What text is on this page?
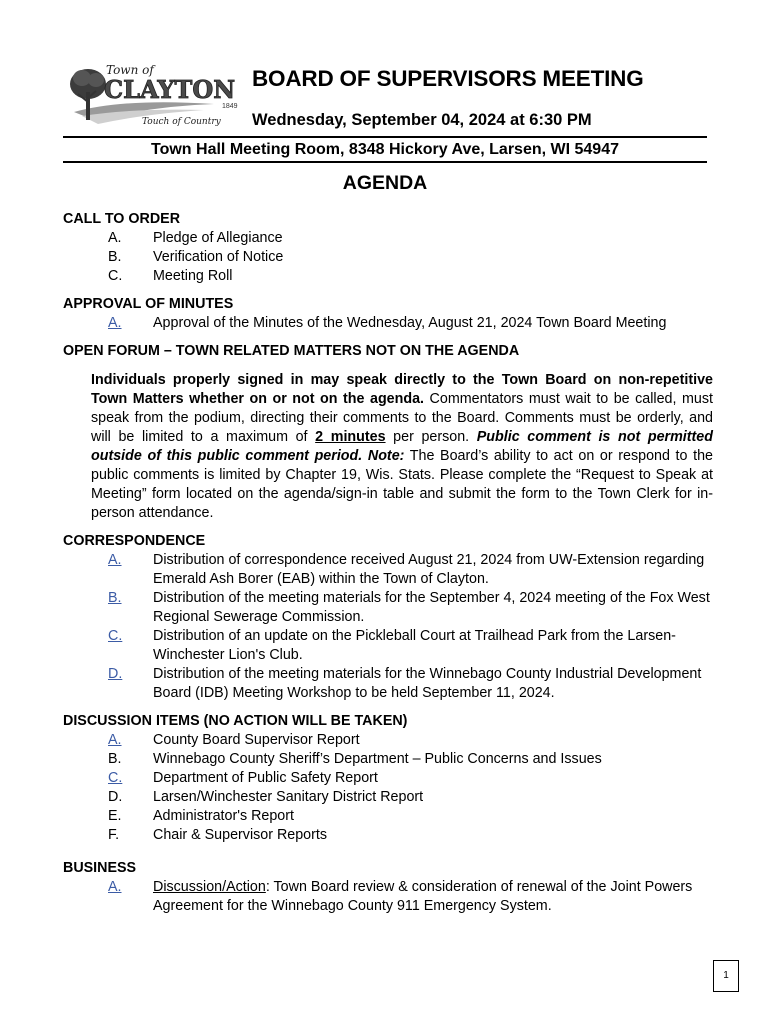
Town of
CLAYTON
1849
Touch of Country
BOARD OF SUPERVISORS MEETING
Wednesday, September 04, 2024 at 6:30 PM
Town Hall Meeting Room, 8348 Hickory Ave, Larsen, WI 54947
AGENDA
CALL TO ORDER
A.	Pledge of Allegiance
B.	Verification of Notice
C.	Meeting Roll
APPROVAL OF MINUTES
A.	Approval of the Minutes of the Wednesday, August 21, 2024 Town Board Meeting
OPEN FORUM – TOWN RELATED MATTERS NOT ON THE AGENDA
Individuals properly signed in may speak directly to the Town Board on non-repetitive Town Matters whether on or not on the agenda. Commentators must wait to be called, must speak from the podium, directing their comments to the Board. Comments must be orderly, and will be limited to a maximum of 2 minutes per person. Public comment is not permitted outside of this public comment period. Note: The Board’s ability to act on or respond to the public comments is limited by Chapter 19, Wis. Stats. Please complete the “Request to Speak at Meeting” form located on the agenda/sign-in table and submit the form to the Town Clerk for in-person attendance.
CORRESPONDENCE
A.	Distribution of correspondence received August 21, 2024 from UW-Extension regarding Emerald Ash Borer (EAB) within the Town of Clayton.
B.	Distribution of the meeting materials for the September 4, 2024 meeting of the Fox West Regional Sewerage Commission.
C.	Distribution of an update on the Pickleball Court at Trailhead Park from the Larsen-Winchester Lion's Club.
D.	Distribution of the meeting materials for the Winnebago County Industrial Development Board (IDB) Meeting Workshop to be held September 11, 2024.
DISCUSSION ITEMS (NO ACTION WILL BE TAKEN)
A.	County Board Supervisor Report
B.	Winnebago County Sheriff’s Department – Public Concerns and Issues
C.	Department of Public Safety Report
D.	Larsen/Winchester Sanitary District Report
E.	Administrator's Report
F.	Chair & Supervisor Reports
BUSINESS
A.	Discussion/Action: Town Board review & consideration of renewal of the Joint Powers Agreement for the Winnebago County 911 Emergency System.
1
